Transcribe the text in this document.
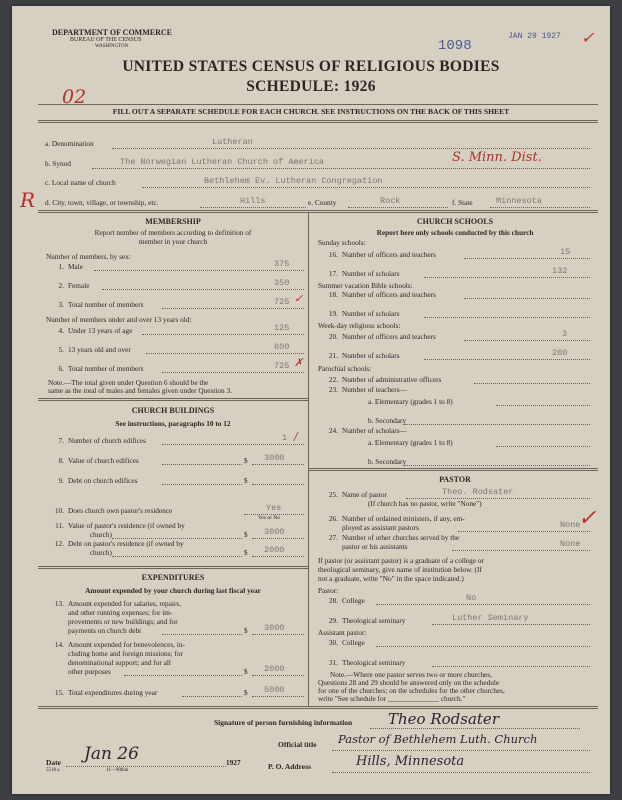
DEPARTMENT OF COMMERCE
BUREAU OF THE CENSUS
WASHINGTON	1098
JAN 29 1927 ✓
UNITED STATES CENSUS OF RELIGIOUS BODIES
SCHEDULE: 1926
02
FILL OUT A SEPARATE SCHEDULE FOR EACH CHURCH. SEE INSTRUCTIONS ON THE BACK OF THIS SHEET
a. Denomination	Lutheran
b. Synod	The Norwegian Lutheran Church of America	S. Minn. Dist.
c. Local name of church	Bethlehem Ev. Lutheran Congregation
R d. City, town, village, or township, etc.	Hills	e. County	Rock	f. State	Minnesota
MEMBERSHIP
Report number of members according to definition of
member in your church
Number of members, by sex:
1. Male	375
2. Female	350
3. Total number of members	725 ✓
Number of members under and over 13 years old:
4. Under 13 years of age	125
5. 13 years old and over	600
6. Total number of members	725 ✗
Note.—The total given under Question 6 should be the
same as the total of males and females given under Question 3.
CHURCH BUILDINGS
See instructions, paragraphs 10 to 12
7. Number of church edifices	1 /
8. Value of church edifices	$ 3000
9. Debt on church edifices	$
10. Does church own pastor's residence	Yes
Yes or No
11. Value of pastor's residence (if owned by
church)	$ 3000
12. Debt on pastor's residence (if owned by
church)	$ 2000
EXPENDITURES
Amount expended by your church during last fiscal year
13. Amount expended for salaries, repairs,
and other running expenses; for im-
provements or new buildings; and for
payments on church debt	$ 3000
14. Amount expended for benevolences, in-
cluding home and foreign missions; for
denominational support; and for all
other purposes	$ 2000
15. Total expenditures during year	$ 5000
CHURCH SCHOOLS
Report here only schools conducted by this church
Sunday schools:
16. Number of officers and teachers	15
17. Number of scholars	132
Summer vacation Bible schools:
18. Number of officers and teachers
19. Number of scholars
Week-day religious schools:
20. Number of officers and teachers	3
21. Number of scholars	200
Parochial schools:
22. Number of administrative officers
23. Number of teachers—
a. Elementary (grades 1 to 8)
b. Secondary
24. Number of scholars—
a. Elementary (grades 1 to 8)
b. Secondary
PASTOR
25. Name of pastor	Theo. Rodsater
(If church has no pastor, write "None")
26. Number of ordained ministers, if any, em-
ployed as assistant pastors	None
27. Number of other churches served by the
pastor or his assistants	None
✓
If pastor (or assistant pastor) is a graduate of a college or
theological seminary, give name of institution below. (If
not a graduate, write "No" in the space indicated.)
Pastor:
28. College	No
29. Theological seminary	Luther Seminary
Assistant pastor:
30. College
31. Theological seminary
Note.—Where one pastor serves two or more churches,
Questions 28 and 29 should be answered only on the schedule
for one of the churches; on the schedules for the other churches,
write "See schedule for ______________ church."
Signature of person furnishing information Theo Rodsater
Official title Pastor of Bethlehem Luth. Church
Date Jan 26	1927	P. O. Address	Hills, Minnesota
5518 a	11—9084a
